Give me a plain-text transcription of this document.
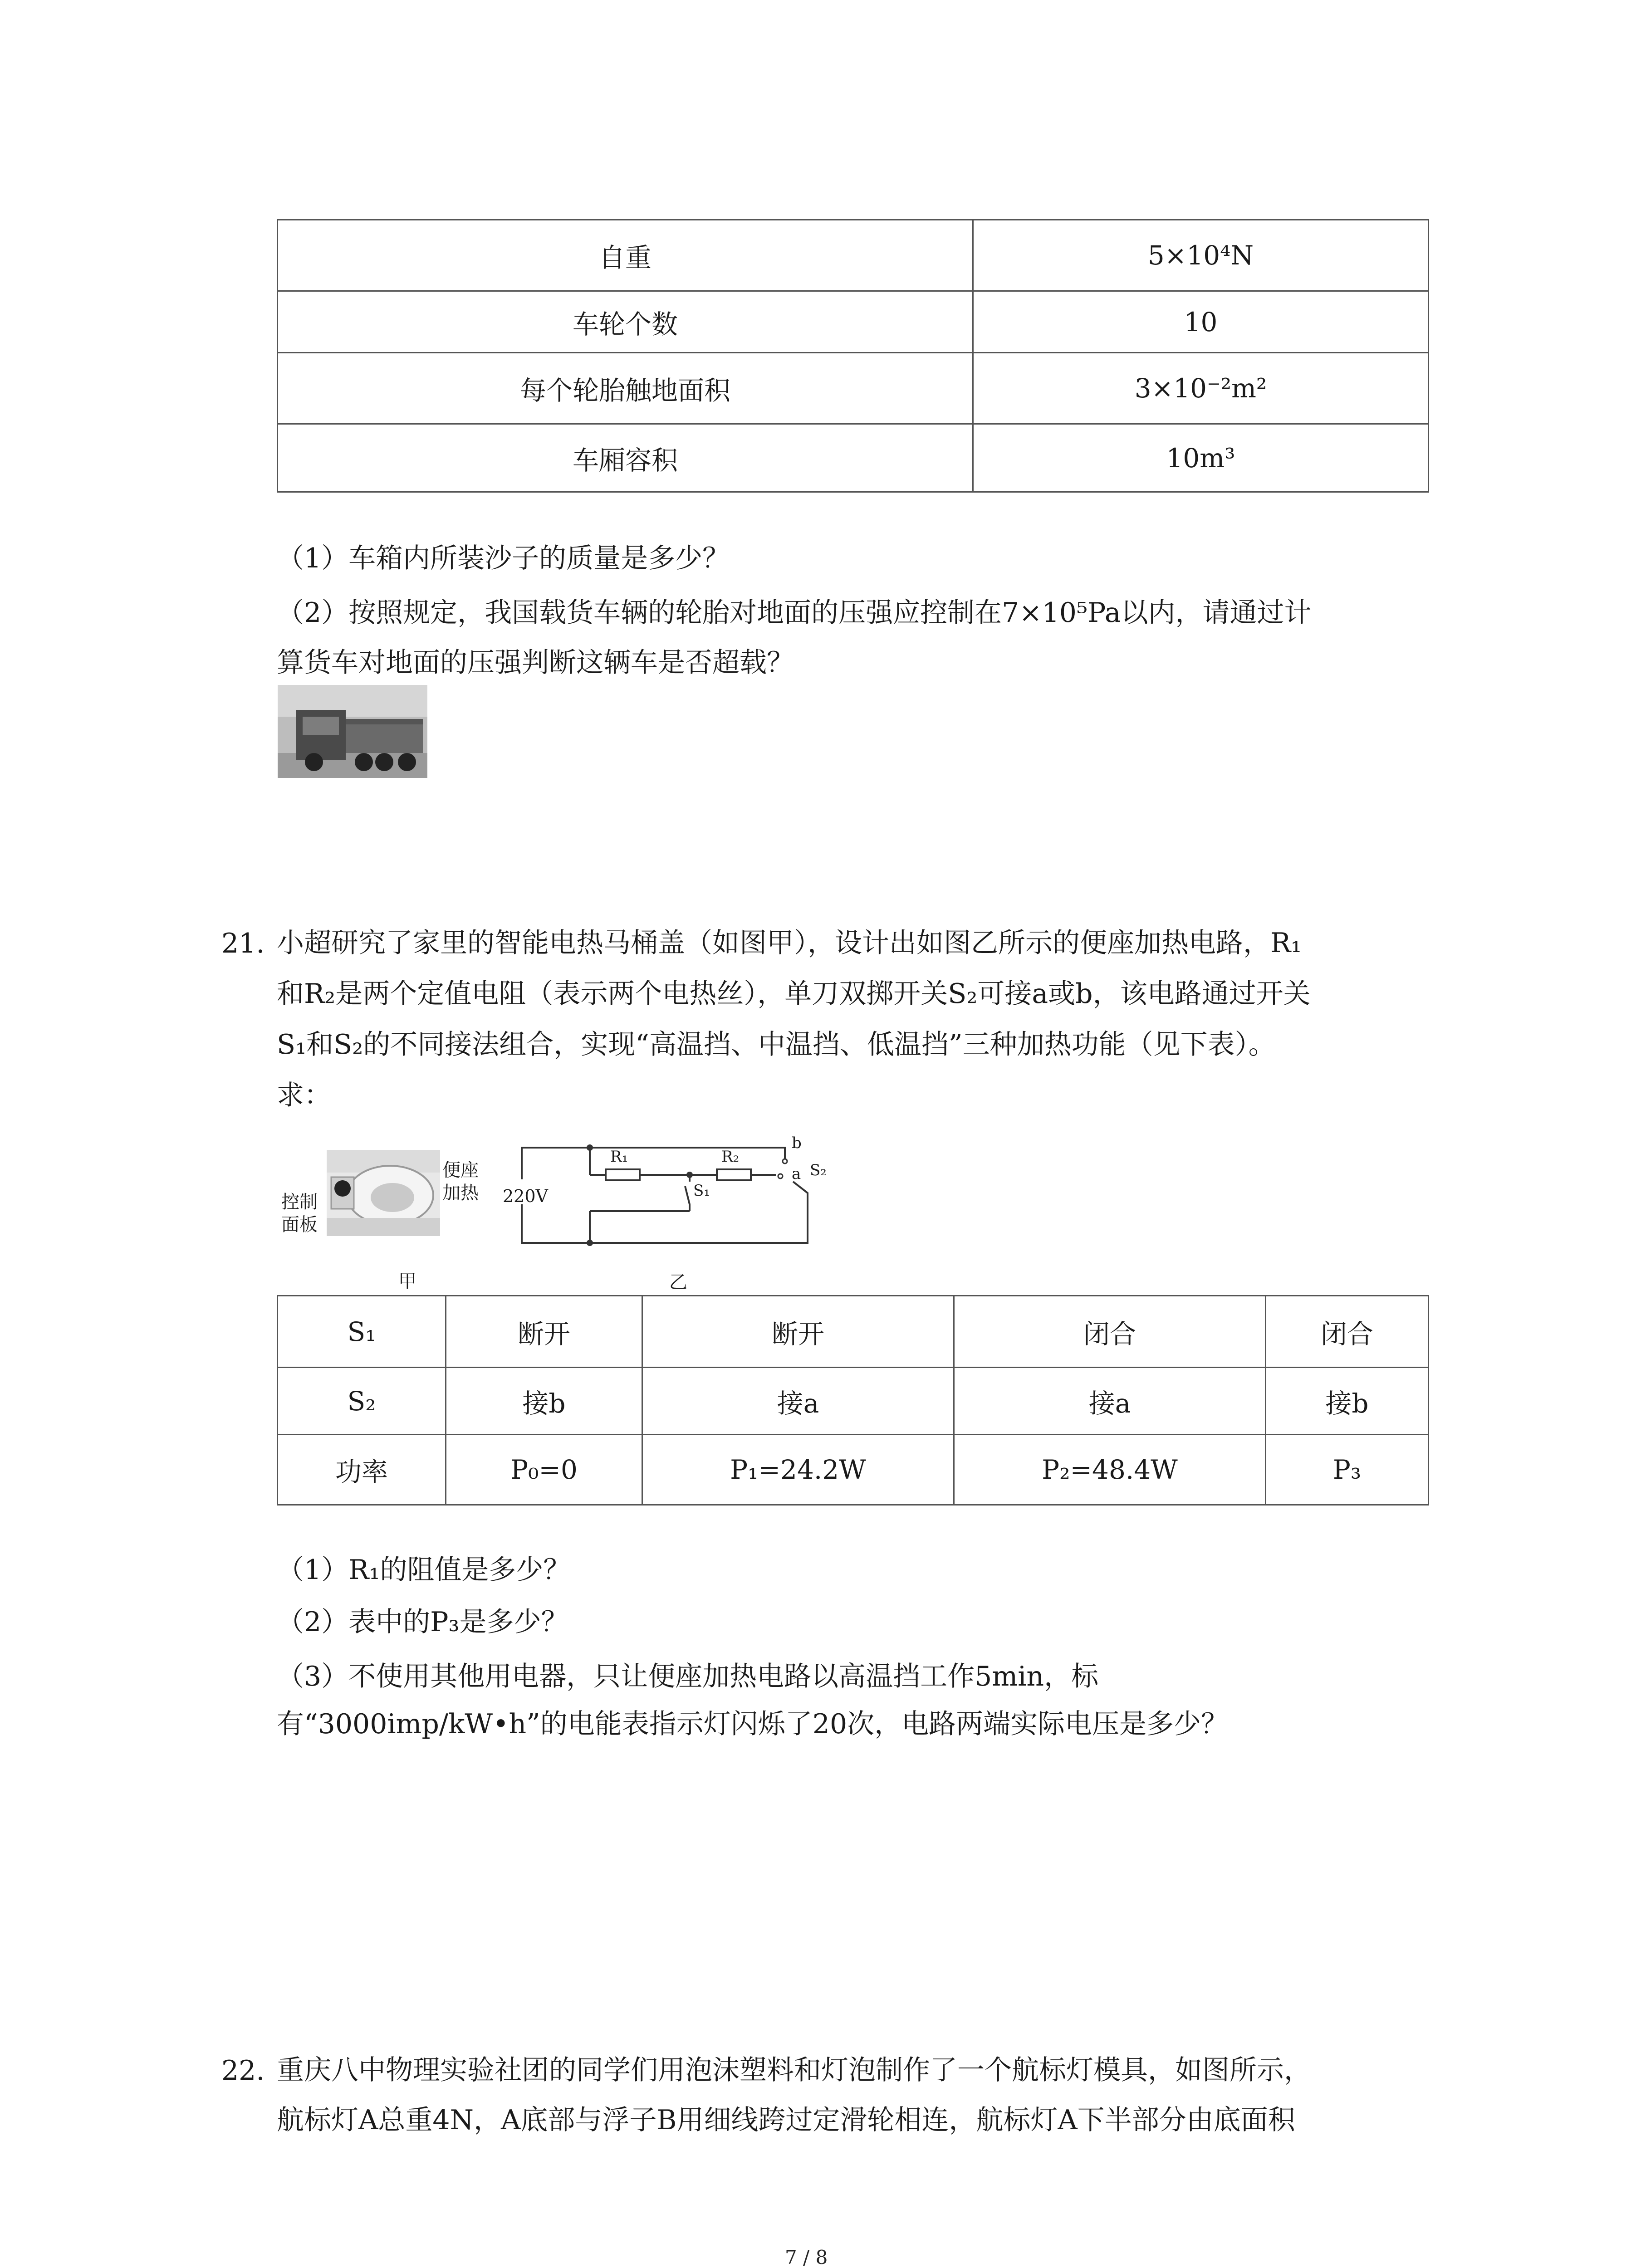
自重	5×10⁴N
车轮个数	10
每个轮胎触地面积	3×10⁻²m²
车厢容积	10m³
（1）车箱内所装沙子的质量是多少？
（2）按照规定，我国载货车辆的轮胎对地面的压强应控制在7×10⁵Pa以内，请通过计
算货车对地面的压强判断这辆车是否超载？
21. 小超研究了家里的智能电热马桶盖（如图甲），设计出如图乙所示的便座加热电路，R₁
和R₂是两个定值电阻（表示两个电热丝），单刀双掷开关S₂可接a或b，该电路通过开关
S₁和S₂的不同接法组合，实现“高温挡、中温挡、低温挡”三种加热功能（见下表）。
求：
控制
面板
便座
加热
甲
220V
R₁	R₂
S₁
S₂
b
a
乙
S₁	断开	断开	闭合	闭合
S₂	接b	接a	接a	接b
功率	P₀=0	P₁=24.2W	P₂=48.4W	P₃
（1）R₁的阻值是多少？
（2）表中的P₃是多少？
（3）不使用其他用电器，只让便座加热电路以高温挡工作5min，标
有“3000imp/kW•h”的电能表指示灯闪烁了20次，电路两端实际电压是多少？
22. 重庆八中物理实验社团的同学们用泡沫塑料和灯泡制作了一个航标灯模具，如图所示，
航标灯A总重4N，A底部与浮子B用细线跨过定滑轮相连，航标灯A下半部分由底面积
7 / 8
